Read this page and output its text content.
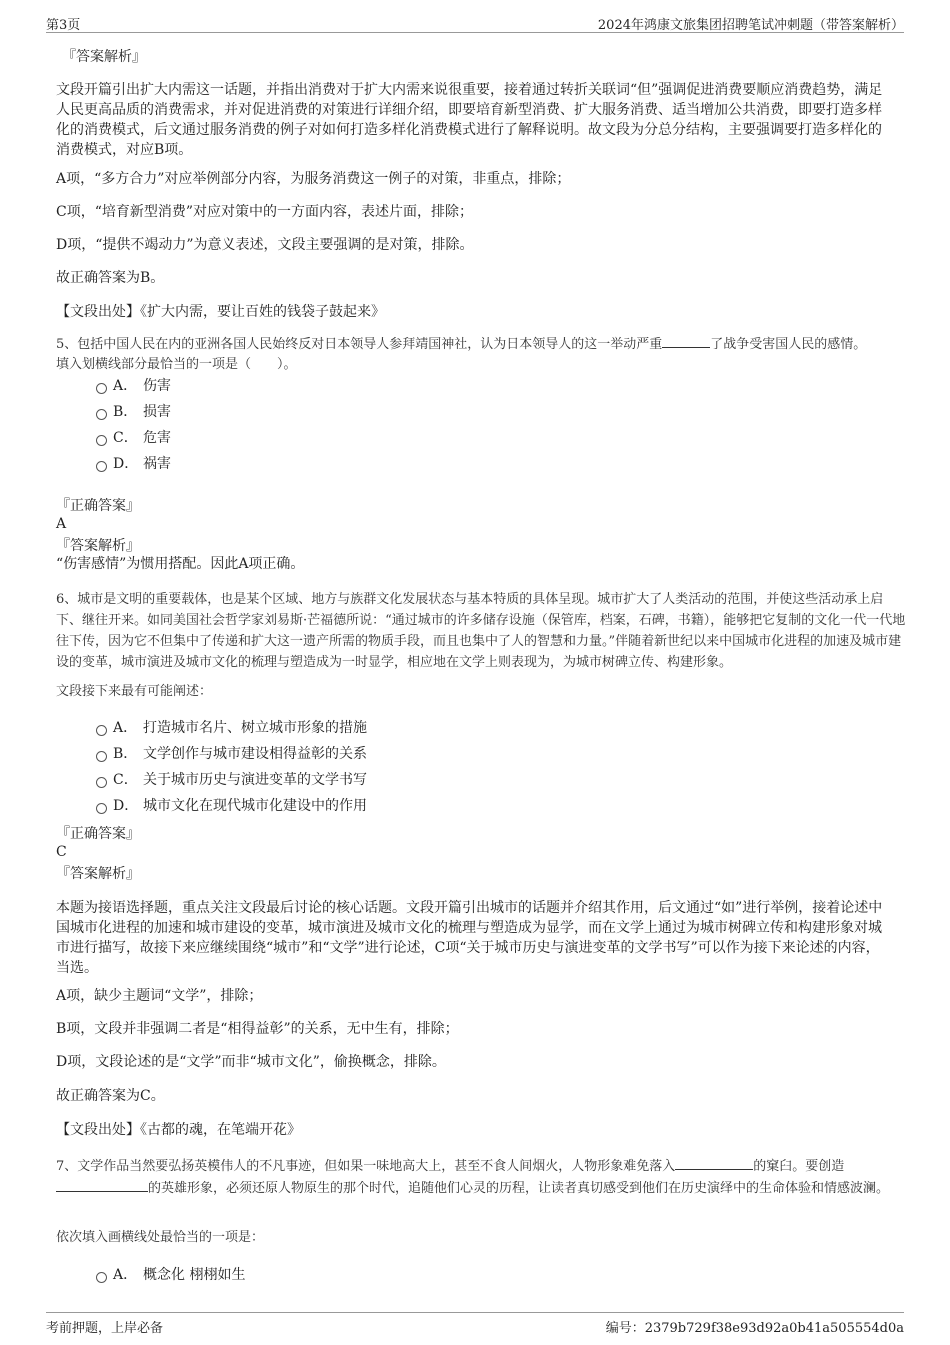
第3页	2024年鸿康文旅集团招聘笔试冲刺题（带答案解析）
『答案解析』
文段开篇引出扩大内需这一话题，并指出消费对于扩大内需来说很重要，接着通过转折关联词“但”强调促进消费要顺应消费趋势，满足人民更高品质的消费需求，并对促进消费的对策进行详细介绍，即要培育新型消费、扩大服务消费、适当增加公共消费，即要打造多样化的消费模式，后文通过服务消费的例子对如何打造多样化消费模式进行了解释说明。故文段为分总分结构，主要强调要打造多样化的消费模式，对应B项。
A项，“多方合力”对应举例部分内容，为服务消费这一例子的对策，非重点，排除；
C项，“培育新型消费”对应对策中的一方面内容，表述片面，排除；
D项，“提供不竭动力”为意义表述，文段主要强调的是对策，排除。
故正确答案为B。
【文段出处】《扩大内需，要让百姓的钱袋子鼓起来》
5、包括中国人民在内的亚洲各国人民始终反对日本领导人参拜靖国神社，认为日本领导人的这一举动严重	了战争受害国人民的感情。
填入划横线部分最恰当的一项是（　　）。
A． 伤害
B． 损害
C． 危害
D． 祸害
『正确答案』
A
『答案解析』
“伤害感情”为惯用搭配。因此A项正确。
6、城市是文明的重要载体，也是某个区域、地方与族群文化发展状态与基本特质的具体呈现。城市扩大了人类活动的范围，并使这些活动承上启下、继往开来。如同美国社会哲学家刘易斯·芒福德所说：“通过城市的许多储存设施（保管库，档案，石碑，书籍），能够把它复制的文化一代一代地往下传，因为它不但集中了传递和扩大这一遗产所需的物质手段，而且也集中了人的智慧和力量。”伴随着新世纪以来中国城市化进程的加速及城市建设的变革，城市演进及城市文化的梳理与塑造成为一时显学，相应地在文学上则表现为，为城市树碑立传、构建形象。
文段接下来最有可能阐述：
A． 打造城市名片、树立城市形象的措施
B． 文学创作与城市建设相得益彰的关系
C． 关于城市历史与演进变革的文学书写
D． 城市文化在现代城市化建设中的作用
『正确答案』
C
『答案解析』
本题为接语选择题，重点关注文段最后讨论的核心话题。文段开篇引出城市的话题并介绍其作用，后文通过“如”进行举例，接着论述中国城市化进程的加速和城市建设的变革，城市演进及城市文化的梳理与塑造成为显学，而在文学上通过为城市树碑立传和构建形象对城市进行描写，故接下来应继续围绕“城市”和“文学”进行论述，C项“关于城市历史与演进变革的文学书写”可以作为接下来论述的内容，当选。
A项，缺少主题词“文学”，排除；
B项，文段并非强调二者是“相得益彰”的关系，无中生有，排除；
D项，文段论述的是“文学”而非“城市文化”，偷换概念，排除。
故正确答案为C。
【文段出处】《古都的魂，在笔端开花》
7、文学作品当然要弘扬英模伟人的不凡事迹，但如果一味地高大上，甚至不食人间烟火，人物形象难免落入	的窠臼。要创造的英雄形象，必须还原人物原生的那个时代，追随他们心灵的历程，让读者真切感受到他们在历史演绎中的生命体验和情感波澜。
依次填入画横线处最恰当的一项是：
A． 概念化 栩栩如生
考前押题，上岸必备	编号：2379b729f38e93d92a0b41a505554d0a
